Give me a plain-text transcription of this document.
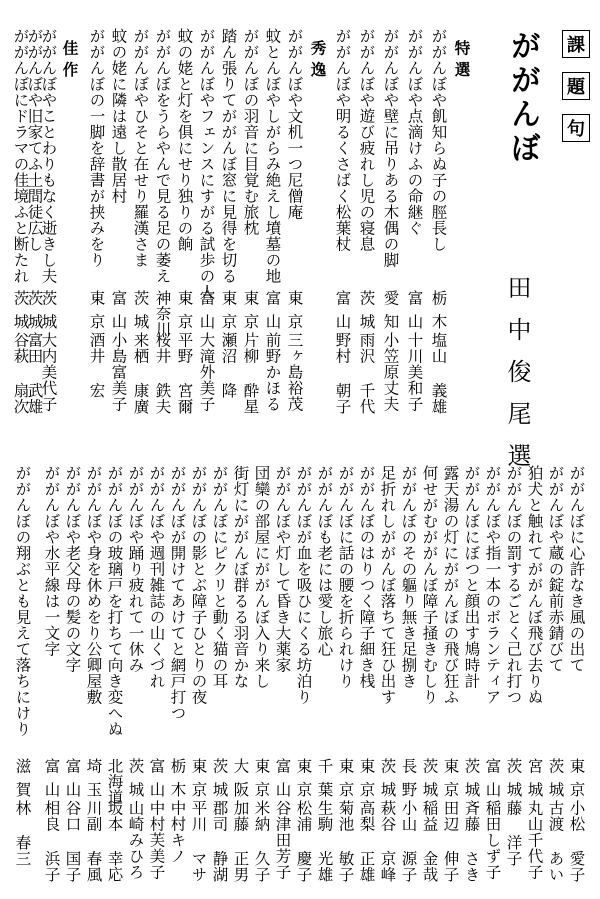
課
題
句
ががんぼ
田中俊尾選
特選
ががんぼや飢知らぬ子の脛長し
栃木
塩山 義雄
ががんぼや点滴けふの命継ぐ
富山
十川美和子
ががんぼや壁に吊りある木偶の脚
愛知
小笠原丈夫
ががんぼや遊び疲れし児の寝息
茨城
雨沢 千代
ががんぼや明るくさばく松葉杖
富山
野村 朝子
秀逸
ががんぼや文机一つ尼僧庵
東京
三ヶ島裕茂
蚊とんぼやしがらみ絶えし墳墓の地
富山
前野かほる
ががんぼの羽音に目覚む旅枕
東京
片柳 酔星
踏ん張りてががんぼ窓に見得を切る
東京
瀬沼 降
ががんぼやフェンスにすがる試歩の人
富山
大滝外美子
蚊の姥と灯を俱にせり独りの餉
東京
平野 宮爾
ががんぼをうらやんで見る足の萎え
神奈川
桜井 鉄夫
ががんぼやひそと在せり羅漢さま
茨城
来栖 康廣
蚊の姥に隣は遠し散居村
富山
小島富美子
ががんぼの一脚を辞書が挟みをり
東京
酒井 宏
ががんぼに心許なき風の出て
東京
小松 愛子
ががんぼや蔵の錠前赤錆びて
茨城
古渡 あい
狛犬と触れてががんぼ飛び去りぬ
宮城
丸山千代子
ががんぼの罰するごとく己れ打つ
茨城
藤 洋子
ががんぼや指一本のボランティア
富山
稲田しず子
ががんぼにぼつと顔出す鳩時計
茨城
斉藤 さき
露天湯の灯にががんぼの飛び狂ふ
東京
田辺 伸子
何せがむががんぼ障子掻きむしり
茨城
稲益 金哉
ががんぼのその軀り無き足捌き
長野
小山 源子
足折れしががんぼ落ちて狂ひ出す
茨城
萩谷 京峰
ががんぼのはりつく障子細き桟
東京
高梨 正雄
ががんぼに話の腰を折られけり
東京
菊池 敏子
ががんぼも老には愛し旅心
千葉
生駒 光雄
ががんぼが血を吸ひにくる坊泊り
東京
松浦 慶子
ががんぼや灯して昏き大薬家
富山
谷津田芳子
団欒の部屋にががんぼ入り来し
東京
米納 久子
街灯にががんぼ群るる羽音かな
大阪
加藤 正男
ががんぼにピクリと動く猫の耳
茨城
郡司 静湖
ががんぼの影とぶ障子ひとりの夜
東京
平川 マサ
ががんぼが開けてあけてと網戸打つ
栃木
中村キノ
ががんぼや週刊雑誌の山くづれ
富山
中村芙美子
ががんぼや踊り疲れて一休み
茨城
山崎みひろ
ががんぼの玻璃戸を打ちて向き変へぬ
北海道
坂本 幸応
ががんぼや身を休めをり公卿屋敷
埼玉
川副 春風
ががんぼや老父母の髪の文字
富山
谷口 国子
ががんぼや水平線は一文字
富山
相良 浜子
ががんぼの翔ぶとも見えて落ちにけり
滋賀
林 春三
ががんぼやことわりもなく逝きし夫
茨城
大内美代子
ががんぼや旧家てふ土間徒広し
茨城
富田 武雄
ががんぼにドラマの佳境ふと断たれ
茨城
谷萩 扇次
佳作
